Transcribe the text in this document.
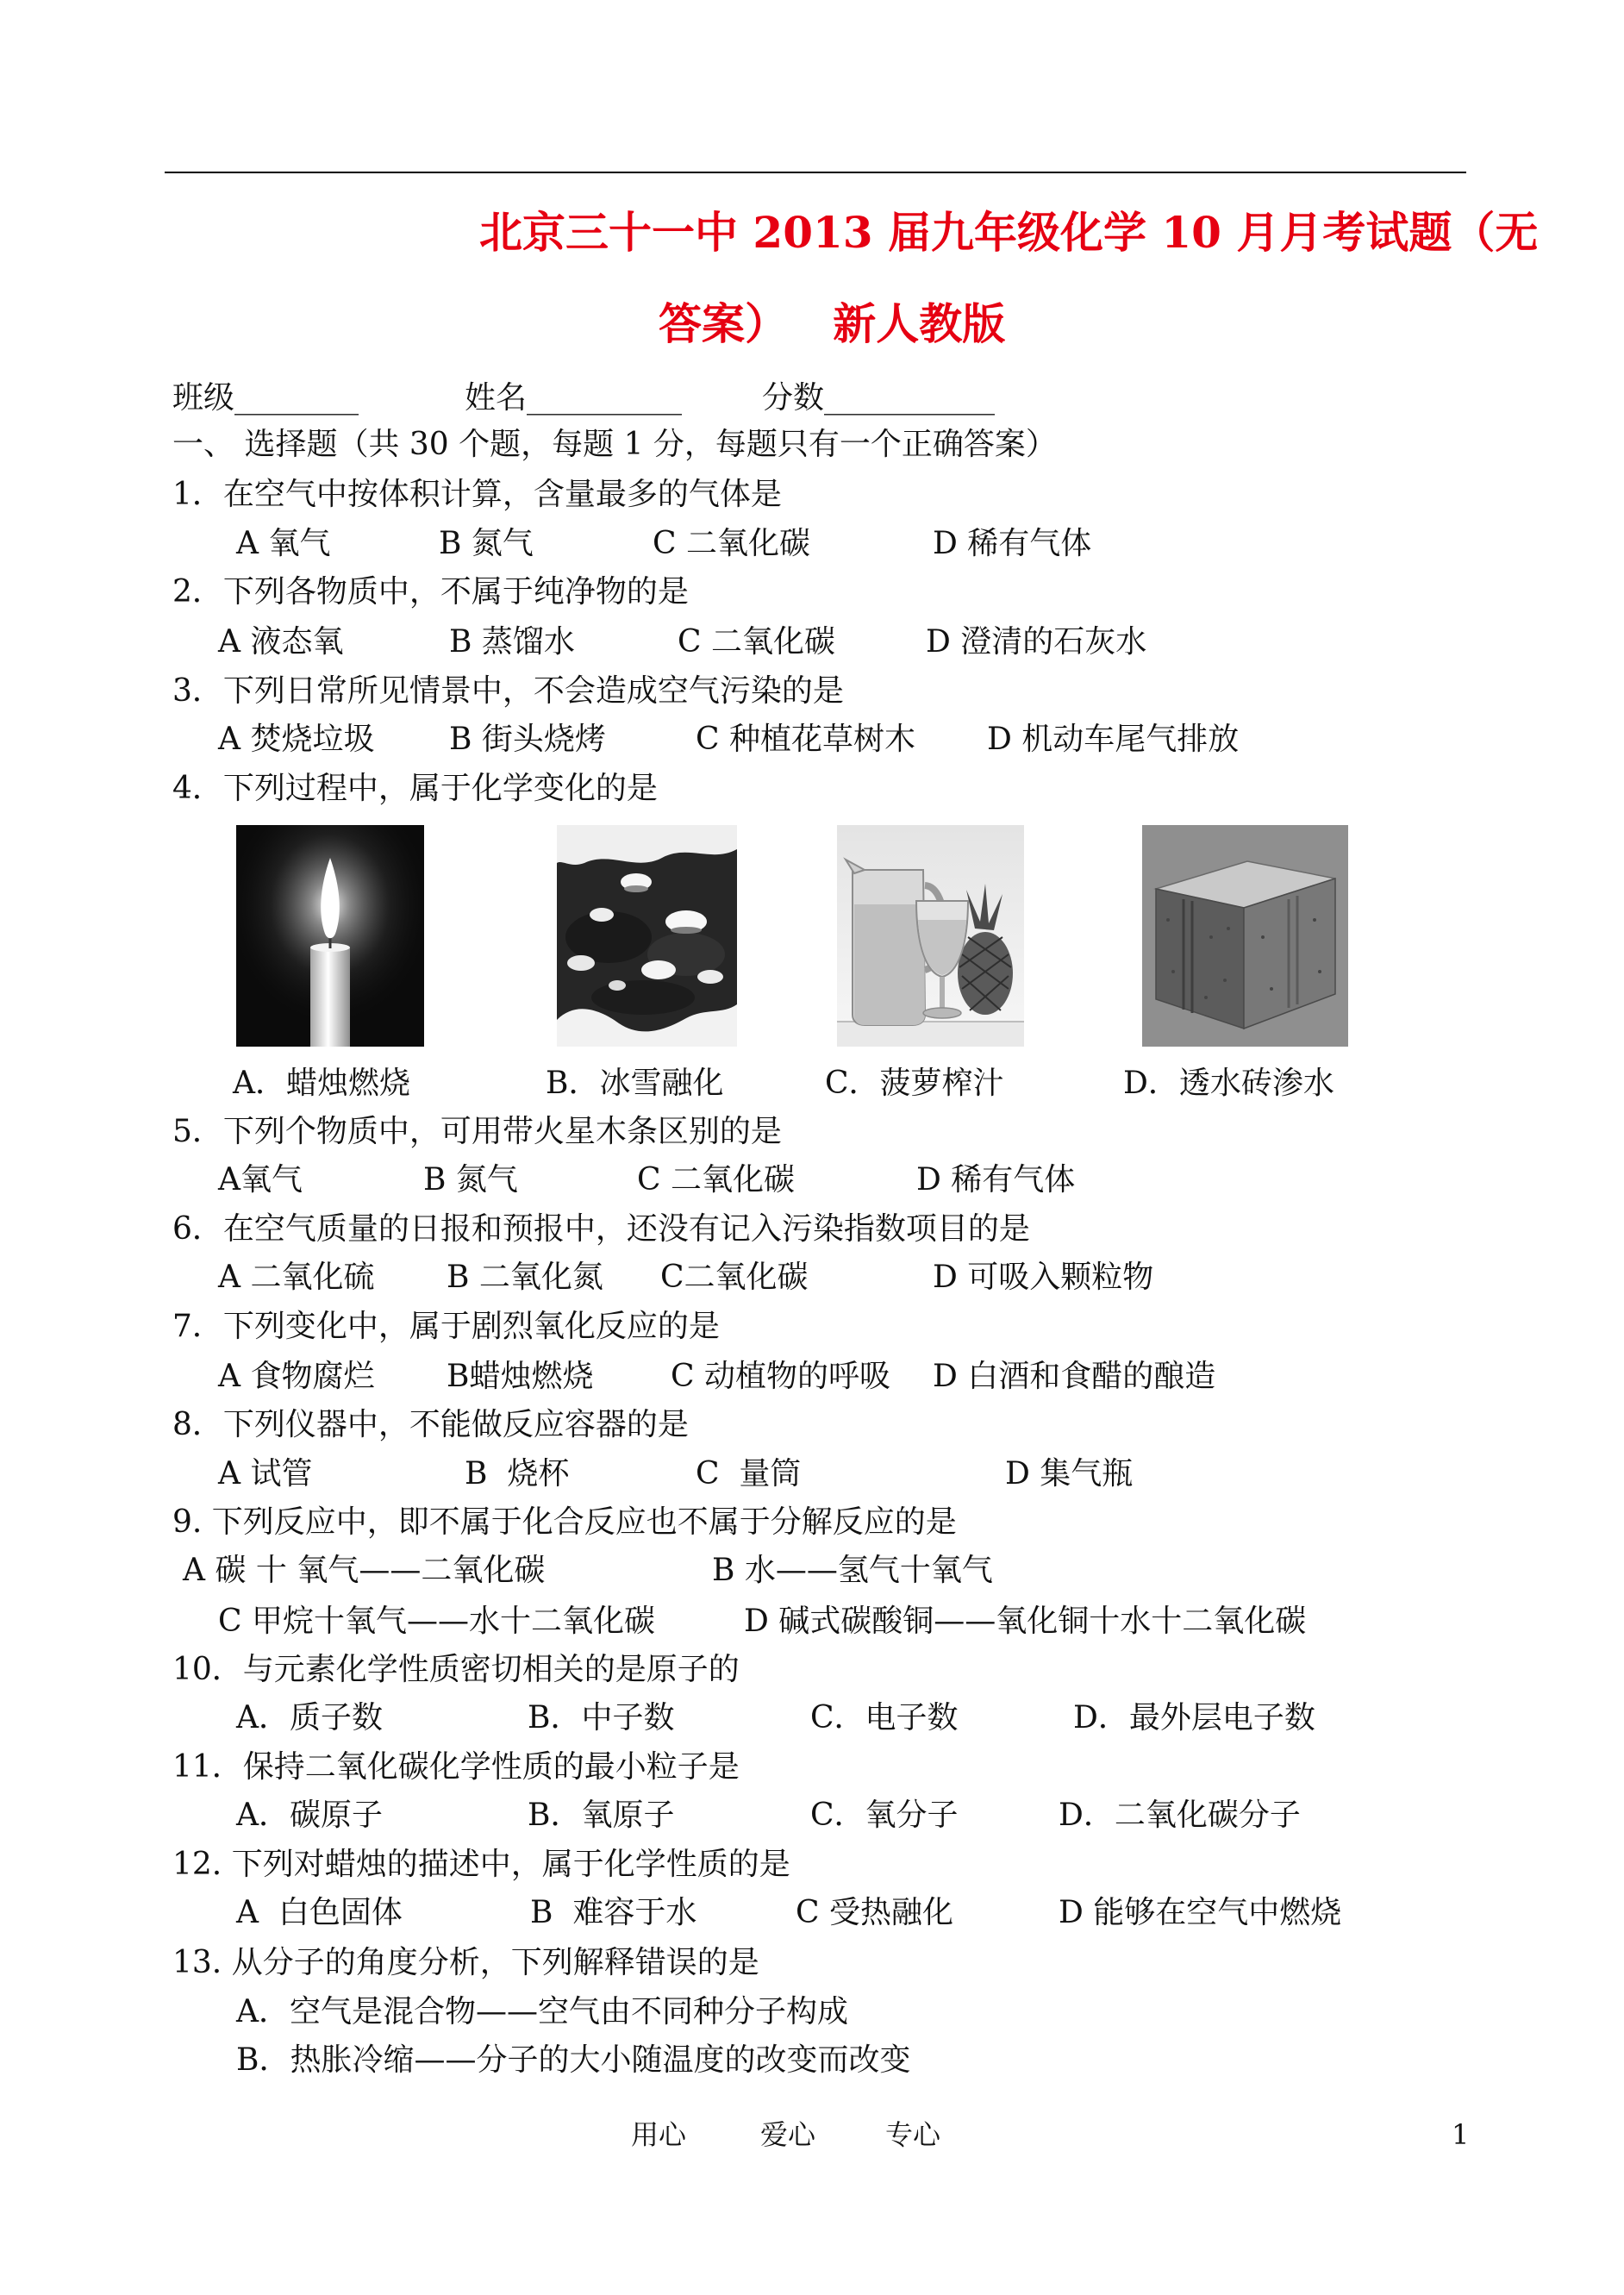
北京三十一中 2013 届九年级化学 10 月月考试题（无
答案）   新人教版
班级________	姓名__________	分数___________
一、 选择题（共 30 个题，每题 1 分，每题只有一个正确答案）
1．在空气中按体积计算，含量最多的气体是
A 氧气	B 氮气	C 二氧化碳	D 稀有气体
2．下列各物质中，不属于纯净物的是
A 液态氧	B 蒸馏水	C 二氧化碳	D 澄清的石灰水
3．下列日常所见情景中，不会造成空气污染的是
A 焚烧垃圾 B 街头烧烤	C 种植花草树木 D 机动车尾气排放
4．下列过程中，属于化学变化的是
A．蜡烛燃烧	B．冰雪融化	C．菠萝榨汁	D．透水砖渗水
5．下列个物质中，可用带火星木条区别的是
A氧气	B 氮气	C 二氧化碳	D 稀有气体
6．在空气质量的日报和预报中，还没有记入污染指数项目的是
A 二氧化硫 B 二氧化氮 C二氧化碳	D 可吸入颗粒物
7．下列变化中，属于剧烈氧化反应的是
A 食物腐烂 B蜡烛燃烧 C 动植物的呼吸 D 白酒和食醋的酿造
8．下列仪器中，不能做反应容器的是
A 试管	B  烧杯	C  量筒	D 集气瓶
9. 下列反应中，即不属于化合反应也不属于分解反应的是
A 碳 十 氧气——二氧化碳	B 水——氢气十氧气
C 甲烷十氧气——水十二氧化碳	D 碱式碳酸铜——氧化铜十水十二氧化碳
10．与元素化学性质密切相关的是原子的
A．质子数	B．中子数	C．电子数	D．最外层电子数
11．保持二氧化碳化学性质的最小粒子是
A．碳原子	B．氧原子	C．氧分子	D．二氧化碳分子
12. 下列对蜡烛的描述中，属于化学性质的是
A  白色固体	B  难容于水	C 受热融化	D 能够在空气中燃烧
13. 从分子的角度分析，下列解释错误的是
A．空气是混合物——空气由不同种分子构成
B．热胀冷缩——分子的大小随温度的改变而改变
用心	爱心	专心	1
